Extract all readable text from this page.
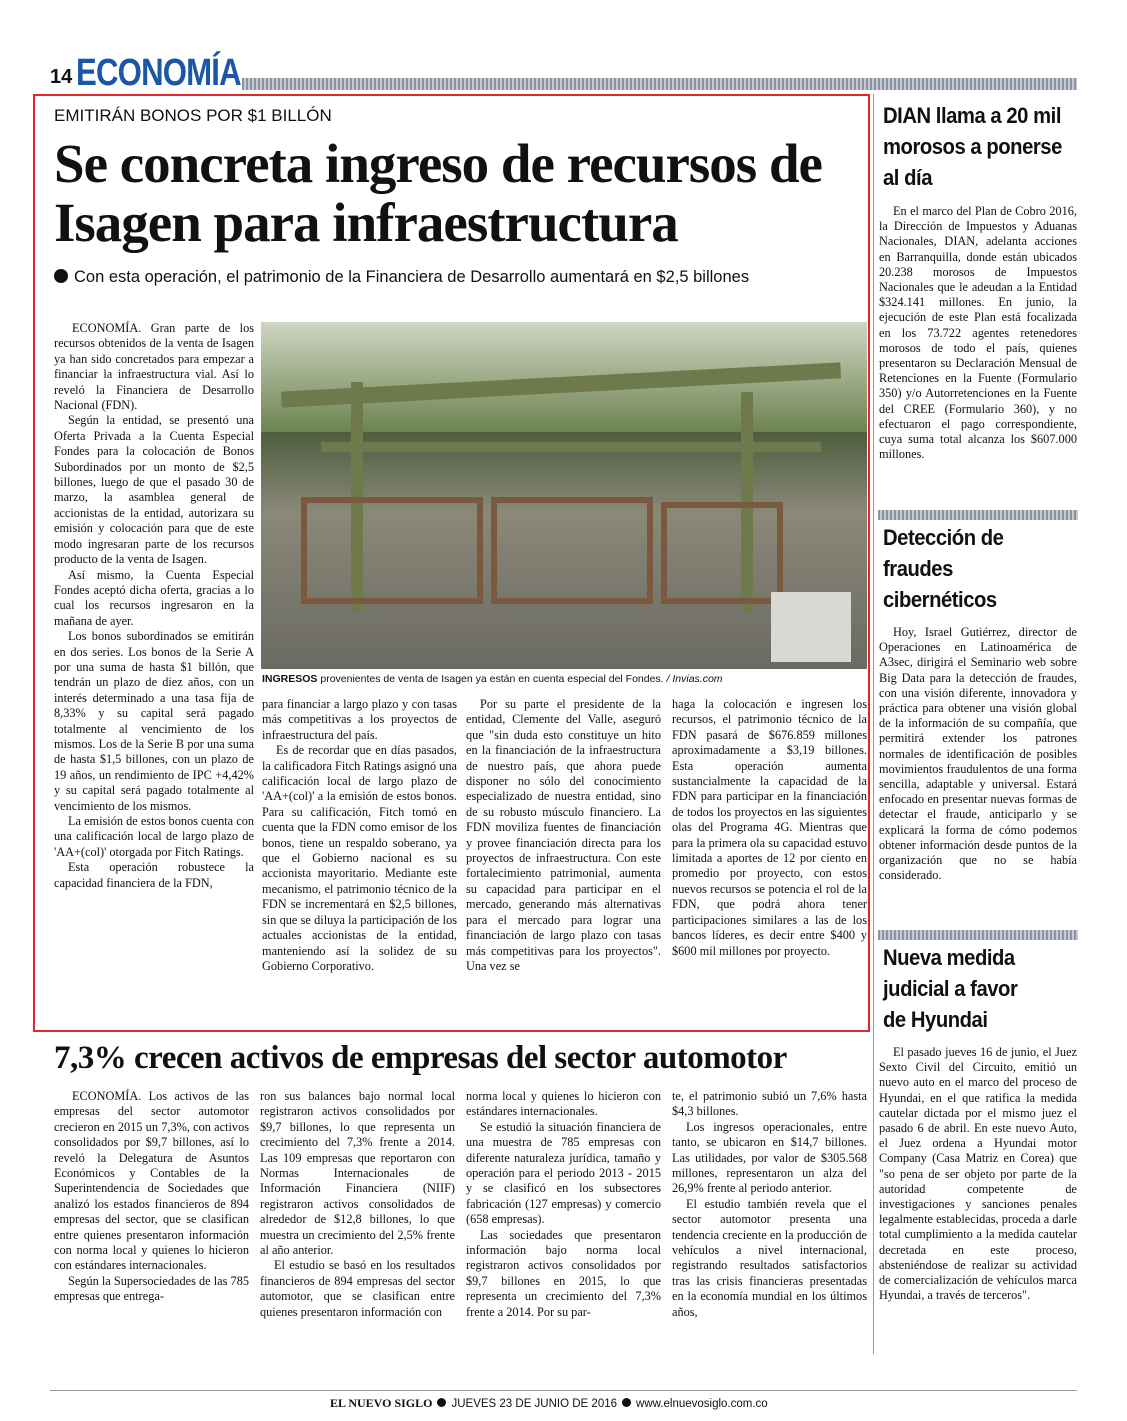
14 ECONOMÍA
EMITIRÁN BONOS POR $1 BILLÓN
Se concreta ingreso de recursos de Isagen para infraestructura
Con esta operación, el patrimonio de la Financiera de Desarrollo aumentará en $2,5 billones

ECONOMÍA. Gran parte de los recursos obtenidos de la venta de Isagen ya han sido concretados para empezar a financiar la infraestructura vial. Así lo reveló la Financiera de Desarrollo Nacional (FDN).

Según la entidad, se presentó una Oferta Privada a la Cuenta Especial Fondes para la colocación de Bonos Subordinados por un monto de $2,5 billones, luego de que el pasado 30 de marzo, la asamblea general de accionistas de la entidad, autorizara su emisión y colocación para que de este modo ingresaran parte de los recursos producto de la venta de Isagen.

Así mismo, la Cuenta Especial Fondes aceptó dicha oferta, gracias a lo cual los recursos ingresaron en la mañana de ayer.

Los bonos subordinados se emitirán en dos series. Los bonos de la Serie A por una suma de hasta $1 billón, que tendrán un plazo de diez años, con un interés determinado a una tasa fija de 8,33% y su capital será pagado totalmente al vencimiento de los mismos. Los de la Serie B por una suma de hasta $1,5 billones, con un plazo de 19 años, un rendimiento de IPC +4,42% y su capital será pagado totalmente al vencimiento de los mismos.

La emisión de estos bonos cuenta con una calificación local de largo plazo de 'AA+(col)' otorgada por Fitch Ratings.

Esta operación robustece la capacidad financiera de la FDN,

INGRESOS provenientes de venta de Isagen ya están en cuenta especial del Fondes. / Invias.com

para financiar a largo plazo y con tasas más competitivas a los proyectos de infraestructura del país.

Es de recordar que en días pasados, la calificadora Fitch Ratings asignó una calificación local de largo plazo de 'AA+(col)' a la emisión de estos bonos. Para su calificación, Fitch tomó en cuenta que la FDN como emisor de los bonos, tiene un respaldo soberano, ya que el Gobierno nacional es su accionista mayoritario. Mediante este mecanismo, el patrimonio técnico de la FDN se incrementará en $2,5 billones, sin que se diluya la participación de los actuales accionistas de la entidad, manteniendo así la solidez de su Gobierno Corporativo.

Por su parte el presidente de la entidad, Clemente del Valle, aseguró que "sin duda esto constituye un hito en la financiación de la infraestructura de nuestro país, que ahora puede disponer no sólo del conocimiento especializado de nuestra entidad, sino de su robusto músculo financiero. La FDN moviliza fuentes de financiación y provee financiación directa para los proyectos de infraestructura. Con este fortalecimiento patrimonial, aumenta su capacidad para participar en el mercado, generando más alternativas para el mercado para lograr una financiación de largo plazo con tasas más competitivas para los proyectos". Una vez se

haga la colocación e ingresen los recursos, el patrimonio técnico de la FDN pasará de $676.859 millones aproximadamente a $3,19 billones. Esta operación aumenta sustancialmente la capacidad de la FDN para participar en la financiación de todos los proyectos en las siguientes olas del Programa 4G. Mientras que para la primera ola su capacidad estuvo limitada a aportes de 12 por ciento en promedio por proyecto, con estos nuevos recursos se potencia el rol de la FDN, que podrá ahora tener participaciones similares a las de los bancos líderes, es decir entre $400 y $600 mil millones por proyecto.

DIAN llama a 20 mil morosos a ponerse al día

En el marco del Plan de Cobro 2016, la Dirección de Impuestos y Aduanas Nacionales, DIAN, adelanta acciones en Barranquilla, donde están ubicados 20.238 morosos de Impuestos Nacionales que le adeudan a la Entidad $324.141 millones. En junio, la ejecución de este Plan está focalizada en los 73.722 agentes retenedores morosos de todo el país, quienes presentaron su Declaración Mensual de Retenciones en la Fuente (Formulario 350) y/o Autorretenciones en la Fuente del CREE (Formulario 360), y no efectuaron el pago correspondiente, cuya suma total alcanza los $607.000 millones.

Detección de fraudes cibernéticos

Hoy, Israel Gutiérrez, director de Operaciones en Latinoamérica de A3sec, dirigirá el Seminario web sobre Big Data para la detección de fraudes, con una visión diferente, innovadora y práctica para obtener una visión global de la información de su compañía, que permitirá extender los patrones normales de identificación de posibles movimientos fraudulentos de una forma sencilla, adaptable y universal. Estará enfocado en presentar nuevas formas de detectar el fraude, anticiparlo y se explicará la forma de cómo podemos obtener información desde puntos de la organización que no se había considerado.

Nueva medida judicial a favor de Hyundai

El pasado jueves 16 de junio, el Juez Sexto Civil del Circuito, emitió un nuevo auto en el marco del proceso de Hyundai, en el que ratifica la medida cautelar dictada por el mismo juez el pasado 6 de abril. En este nuevo Auto, el Juez ordena a Hyundai motor Company (Casa Matriz en Corea) que "so pena de ser objeto por parte de la autoridad competente de investigaciones y sanciones penales legalmente establecidas, proceda a darle total cumplimiento a la medida cautelar decretada en este proceso, absteniéndose de realizar su actividad de comercialización de vehículos marca Hyundai, a través de terceros".

7,3% crecen activos de empresas del sector automotor

ECONOMÍA. Los activos de las empresas del sector automotor crecieron en 2015 un 7,3%, con activos consolidados por $9,7 billones, así lo reveló la Delegatura de Asuntos Económicos y Contables de la Superintendencia de Sociedades que analizó los estados financieros de 894 empresas del sector, que se clasifican entre quienes presentaron información con norma local y quienes lo hicieron con estándares internacionales.

Según la Supersociedades de las 785 empresas que entrega-

ron sus balances bajo normal local registraron activos consolidados por $9,7 billones, lo que representa un crecimiento del 7,3% frente a 2014. Las 109 empresas que reportaron con Normas Internacionales de Información Financiera (NIIF) registraron activos consolidados de alrededor de $12,8 billones, lo que muestra un crecimiento del 2,5% frente al año anterior.

El estudio se basó en los resultados financieros de 894 empresas del sector automotor, que se clasifican entre quienes presentaron información con

norma local y quienes lo hicieron con estándares internacionales.

Se estudió la situación financiera de una muestra de 785 empresas con diferente naturaleza jurídica, tamaño y operación para el periodo 2013 - 2015 y se clasificó en los subsectores fabricación (127 empresas) y comercio (658 empresas).

Las sociedades que presentaron información bajo norma local registraron activos consolidados por $9,7 billones en 2015, lo que representa un crecimiento del 7,3% frente a 2014. Por su par-

te, el patrimonio subió un 7,6% hasta $4,3 billones.

Los ingresos operacionales, entre tanto, se ubicaron en $14,7 billones. Las utilidades, por valor de $305.568 millones, representaron un alza del 26,9% frente al periodo anterior.

El estudio también revela que el sector automotor presenta una tendencia creciente en la producción de vehículos a nivel internacional, registrando resultados satisfactorios tras las crisis financieras presentadas en la economía mundial en los últimos años,

EL NUEVO SIGLO JUEVES 23 DE JUNIO DE 2016 www.elnuevosiglo.com.co
